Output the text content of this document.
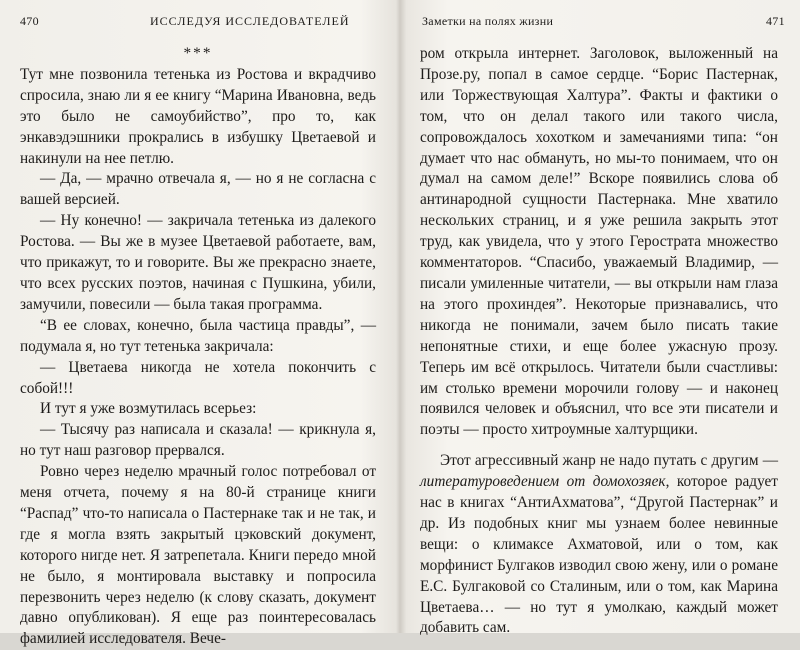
470	ИССЛЕДУЯ ИССЛЕДОВАТЕЛЕЙ

***

Тут мне позвонила тетенька из Ростова и вкрадчиво спросила, знаю ли я ее книгу “Марина Ивановна, ведь это было не самоубийство”, про то, как энкавэдэшники прокрались в избушку Цветаевой и накинули на нее петлю.

— Да, — мрачно отвечала я, — но я не согласна с вашей версией.

— Ну конечно! — закричала тетенька из далекого Ростова. — Вы же в музее Цветаевой работаете, вам, что прикажут, то и говорите. Вы же прекрасно знаете, что всех русских поэтов, начиная с Пушкина, убили, замучили, повесили — была такая программа.

“В ее словах, конечно, была частица правды”, — подумала я, но тут тетенька закричала:

— Цветаева никогда не хотела покончить с собой!!!

И тут я уже возмутилась всерьез:

— Тысячу раз написала и сказала! — крикнула я, но тут наш разговор прервался.

Ровно через неделю мрачный голос потребовал от меня отчета, почему я на 80-й странице книги “Распад” что-то написала о Пастернаке так и не так, и где я могла взять закрытый цэковский документ, которого нигде нет. Я затрепетала. Книги передо мной не было, я монтировала выставку и попросила перезвонить через неделю (к слову сказать, документ давно опубликован). Я еще раз поинтересовалась фамилией исследователя. Вече-

Заметки на полях жизни	471

ром открыла интернет. Заголовок, выложенный на Прозе.ру, попал в самое сердце. “Борис Пастернак, или Торжествующая Халтура”. Факты и фактики о том, что он делал такого или такого числа, сопровождалось хохотком и замечаниями типа: “он думает что нас обмануть, но мы-то понимаем, что он думал на самом деле!” Вскоре появились слова об антинародной сущности Пастернака. Мне хватило нескольких страниц, и я уже решила закрыть этот труд, как увидела, что у этого Герострата множество комментаторов. “Спасибо, уважаемый Владимир, — писали умиленные читатели, — вы открыли нам глаза на этого прохиндея”. Некоторые признавались, что никогда не понимали, зачем было писать такие непонятные стихи, и еще более ужасную прозу. Теперь им всё открылось. Читатели были счастливы: им столько времени морочили голову — и наконец появился человек и объяснил, что все эти писатели и поэты — просто хитроумные халтурщики.

Этот агрессивный жанр не надо путать с другим — литературоведением от домохозяек, которое радует нас в книгах “АнтиАхматова”, “Другой Пастернак” и др. Из подобных книг мы узнаем более невинные вещи: о климаксе Ахматовой, или о том, как морфинист Булгаков изводил свою жену, или о романе Е.С. Булгаковой со Сталиным, или о том, как Марина Цветаева… — но тут я умолкаю, каждый может добавить сам.
